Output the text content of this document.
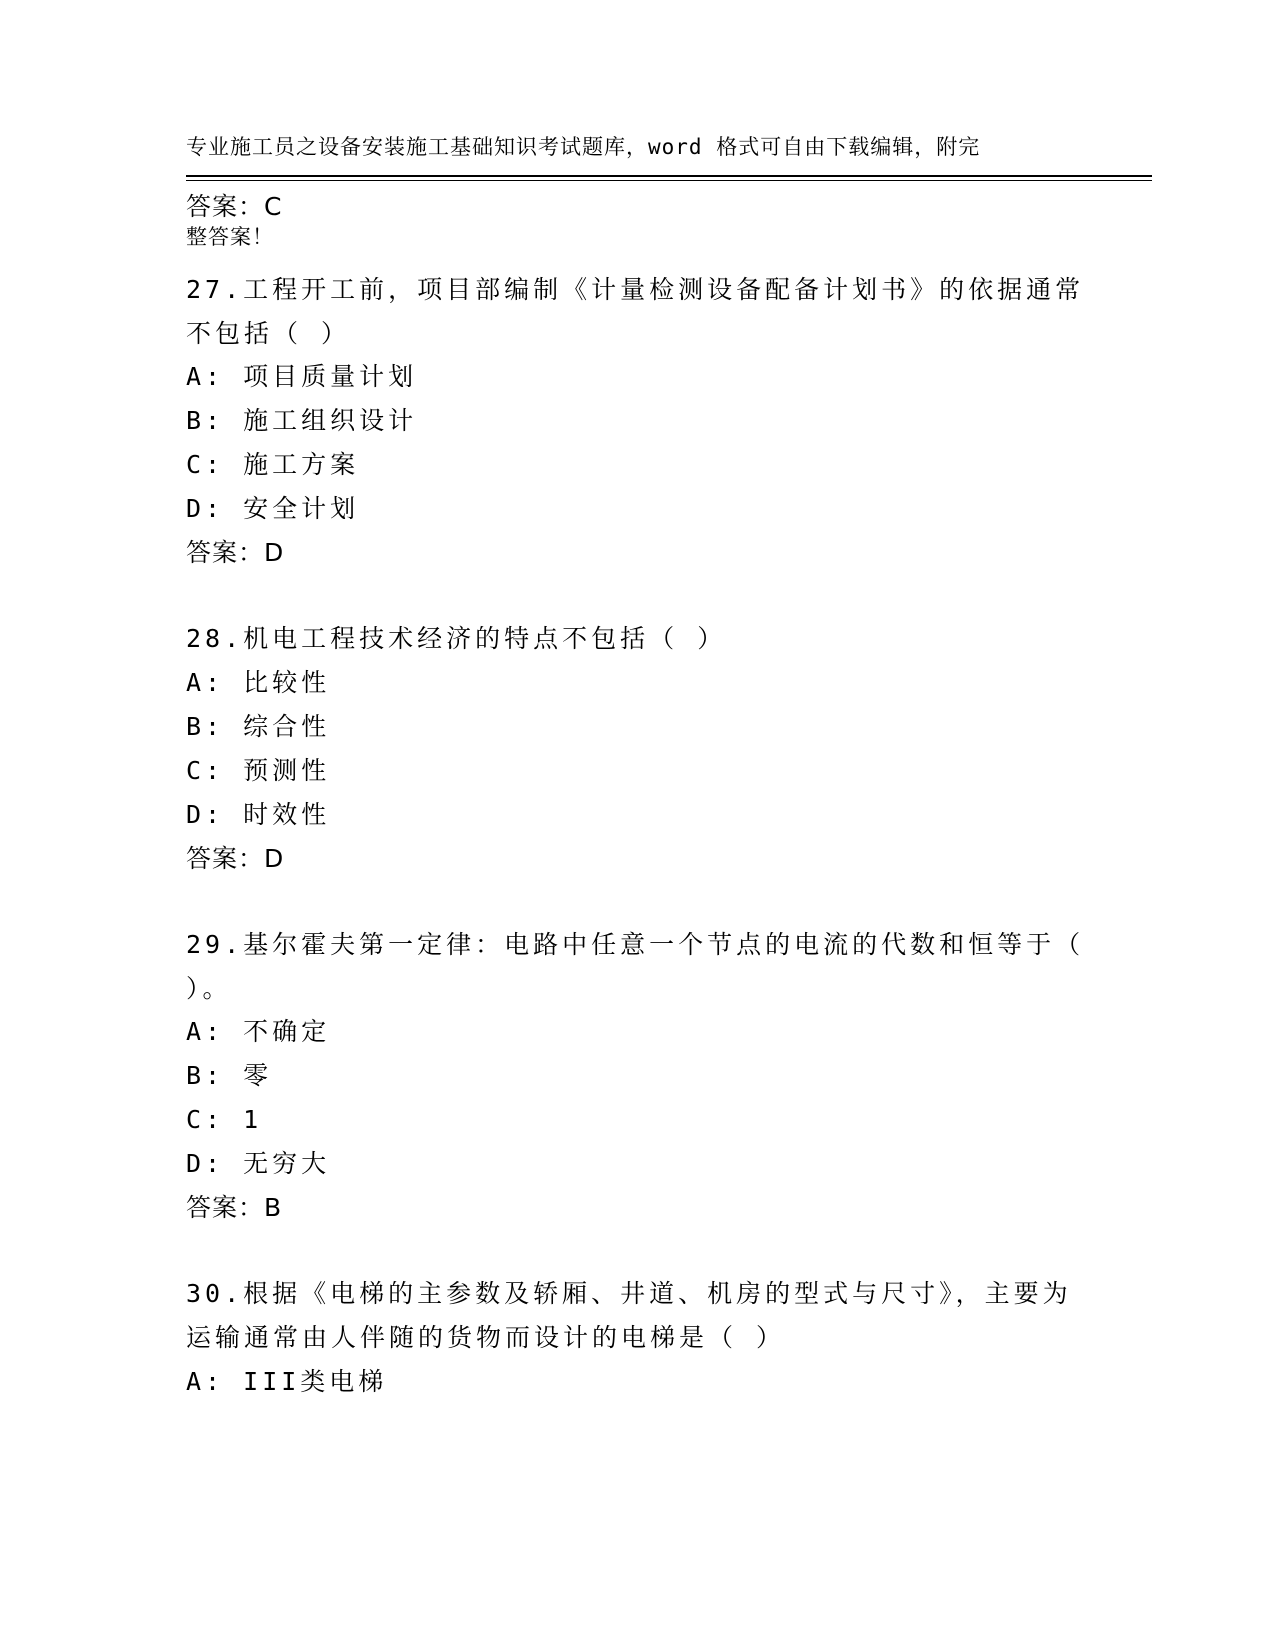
专业施工员之设备安装施工基础知识考试题库，word 格式可自由下载编辑，附完

整答案！

答案：C
27.工程开工前，项目部编制《计量检测设备配备计划书》的依据通常
不包括（ ）
A: 项目质量计划
B: 施工组织设计
C: 施工方案
D: 安全计划
答案：D
28.机电工程技术经济的特点不包括（ ）
A: 比较性
B: 综合性
C: 预测性
D: 时效性
答案：D
29.基尔霍夫第一定律：电路中任意一个节点的电流的代数和恒等于（
）。
A: 不确定
B: 零
C: 1
D: 无穷大
答案：B
30.根据《电梯的主参数及轿厢、井道、机房的型式与尺寸》，主要为
运输通常由人伴随的货物而设计的电梯是（ ）
A: III类电梯
